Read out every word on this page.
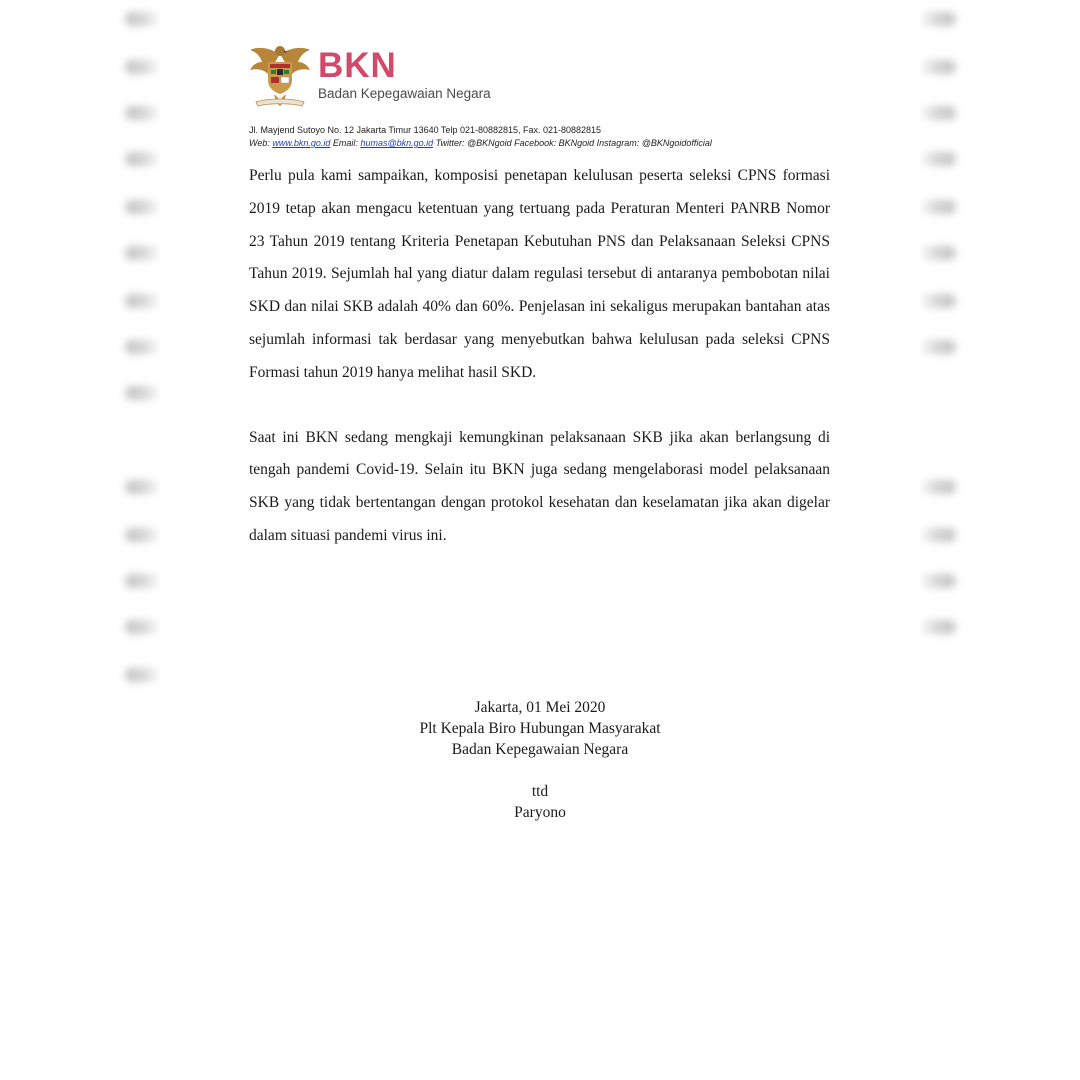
BKN
Badan Kepegawaian Negara
Jl. Mayjend Sutoyo No. 12 Jakarta Timur 13640 Telp 021-80882815, Fax. 021-80882815
Web: www.bkn.go.id Email: humas@bkn.go.id Twitter: @BKNgoid Facebook: BKNgoid Instagram: @BKNgoidofficial

Perlu pula kami sampaikan, komposisi penetapan kelulusan peserta seleksi CPNS formasi 2019 tetap akan mengacu ketentuan yang tertuang pada Peraturan Menteri PANRB Nomor 23 Tahun 2019 tentang Kriteria Penetapan Kebutuhan PNS dan Pelaksanaan Seleksi CPNS Tahun 2019. Sejumlah hal yang diatur dalam regulasi tersebut di antaranya pembobotan nilai SKD dan nilai SKB adalah 40% dan 60%. Penjelasan ini sekaligus merupakan bantahan atas sejumlah informasi tak berdasar yang menyebutkan bahwa kelulusan pada seleksi CPNS Formasi tahun 2019 hanya melihat hasil SKD.

Saat ini BKN sedang mengkaji kemungkinan pelaksanaan SKB jika akan berlangsung di tengah pandemi Covid-19. Selain itu BKN juga sedang mengelaborasi model pelaksanaan SKB yang tidak bertentangan dengan protokol kesehatan dan keselamatan jika akan digelar dalam situasi pandemi virus ini.

Jakarta, 01 Mei 2020
Plt Kepala Biro Hubungan Masyarakat
Badan Kepegawaian Negara
ttd
Paryono
